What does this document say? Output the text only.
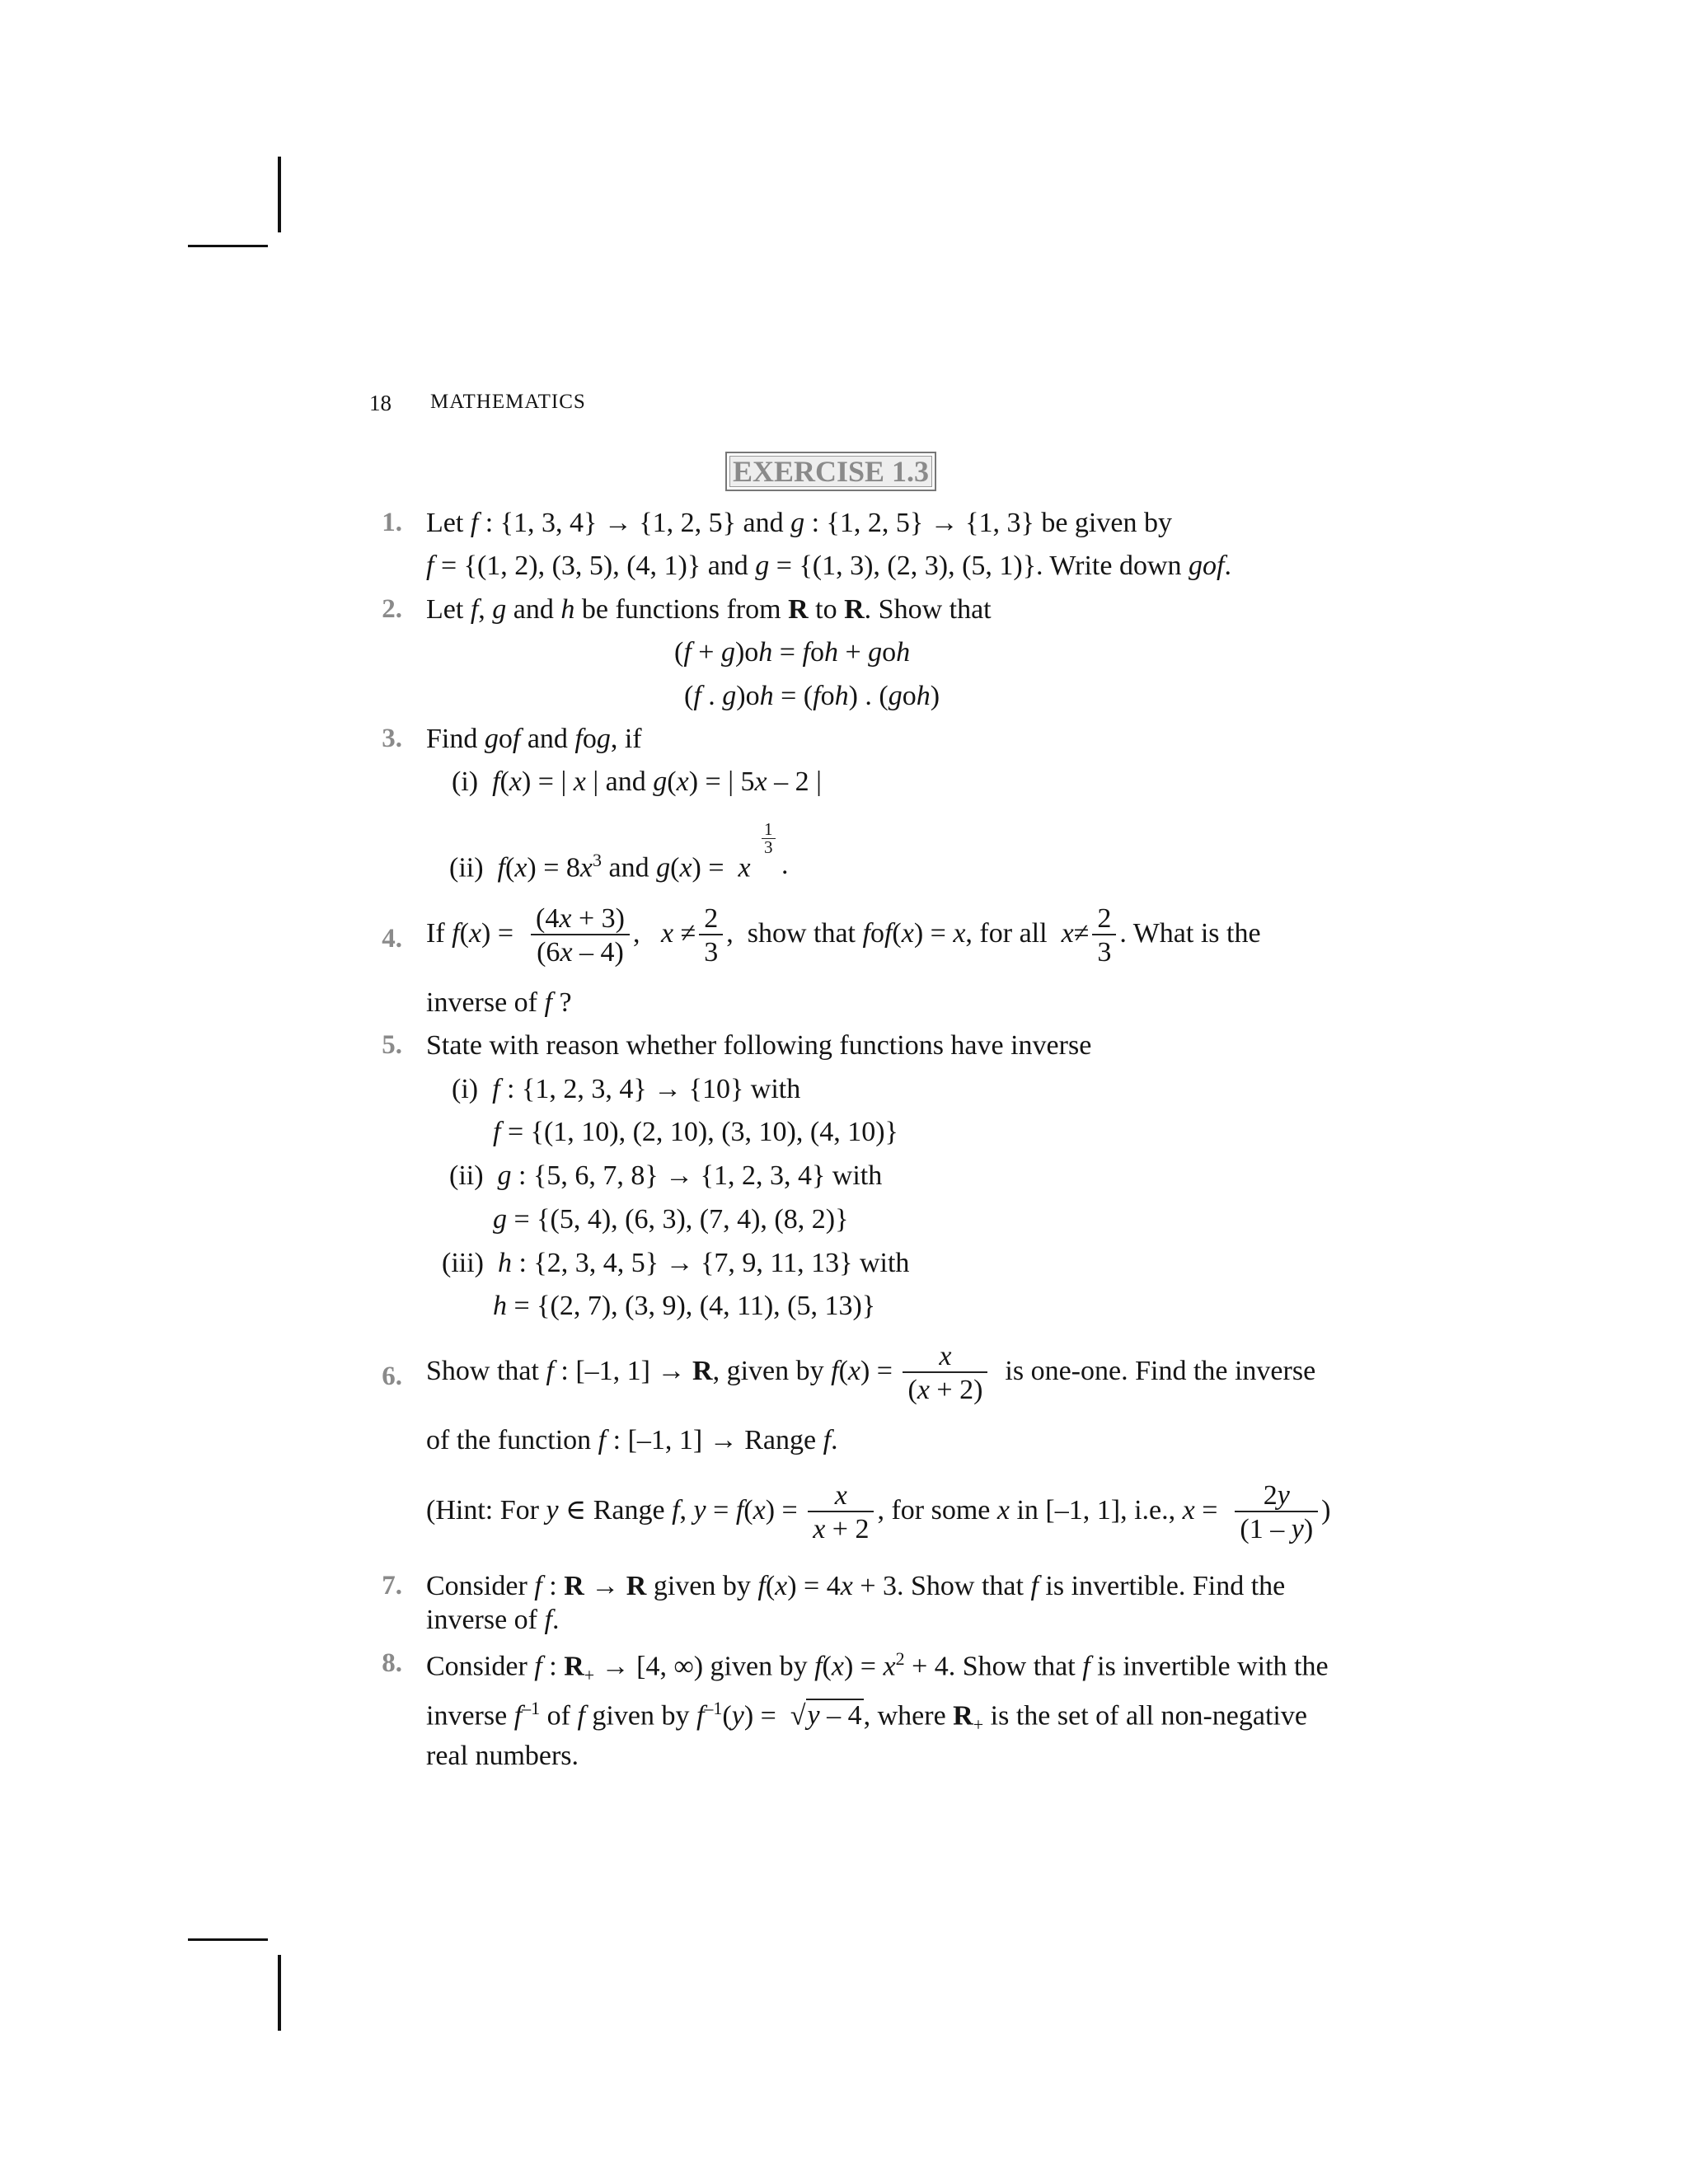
18 MATHEMATICS
EXERCISE 1.3
1. Let f : {1, 3, 4} → {1, 2, 5} and g : {1, 2, 5} → {1, 3} be given by
f = {(1, 2), (3, 5), (4, 1)} and g = {(1, 3), (2, 3), (5, 1)}. Write down gof.
2. Let f, g and h be functions from R to R. Show that
(f + g)oh = foh + goh
(f . g)oh = (foh) . (goh)
3. Find gof and fog, if
(i)  f(x) = | x | and g(x) = | 5x – 2 |
(ii)  $f(x) = 8x^3$ and g(x) =  x
1
3
.
4. If $f(x) = \frac{(4x + 3)}{(6x - 4)}$ ,   $x \ne \frac{2}{3}$ ,  show that fof(x) = x, for all  $x\ne \frac{2}{3}$ . What is the
inverse of f ?
5. State with reason whether following functions have inverse
(i)  f : {1, 2, 3, 4} → {10} with
f = {(1, 10), (2, 10), (3, 10), (4, 10)}
(ii)  g : {5, 6, 7, 8} → {1, 2, 3, 4} with
g = {(5, 4), (6, 3), (7, 4), (8, 2)}
(iii)  h : {2, 3, 4, 5} → {7, 9, 11, 13} with
h = {(2, 7), (3, 9), (4, 11), (5, 13)}
6. Show that f : [–1, 1] → R, given by $f(x) = \frac{x}{(x + 2)}$ is one-one. Find the inverse
of the function f : [–1, 1] → Range f.
(Hint: For y ∈ Range f, $y = f(x) = \frac{x}{x + 2}$ , for some x in [–1, 1], i.e., $x = \frac{2y}{(1 - y)}$ )
7. Consider f : R → R given by f(x) = 4x + 3. Show that f is invertible. Find the
inverse of f.
8. Consider f : $R_+ \to [4$, ∞) given by $f(x) = x^2 + 4$. Show that f is invertible with the
inverse $f^{-1}$ of f given by $f^{-1}(y) = √y - 4$, where $R_+$ is the set of all non-negative
real numbers.
